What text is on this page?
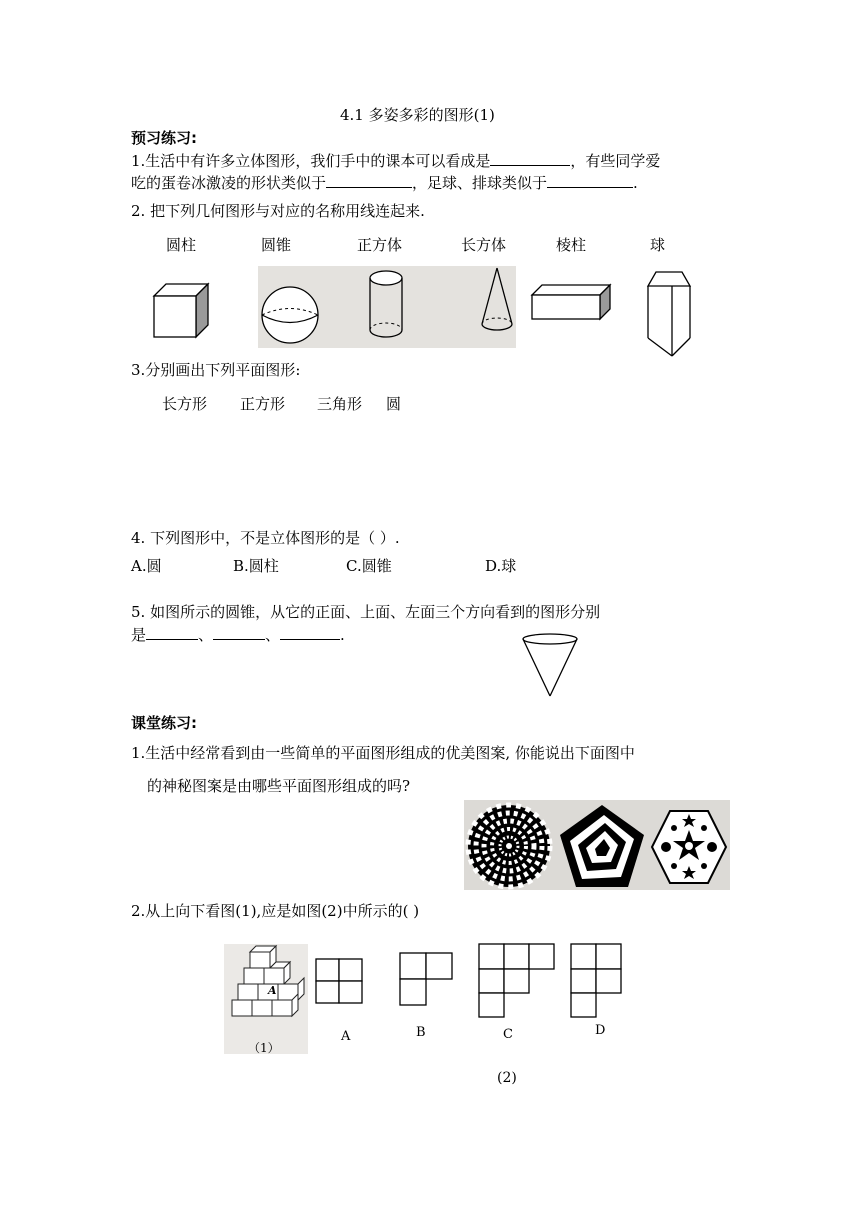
4.1 多姿多彩的图形(1)
预习练习:
1.生活中有许多立体图形，我们手中的课本可以看成是	，有些同学爱
吃的蛋卷冰激凌的形状类似于	，足球、排球类似于	.
2. 把下列几何图形与对应的名称用线连起来.
圆柱	圆锥	正方体	长方体	棱柱	球
3.分别画出下列平面图形:
长方形 正方形 三角形 圆
4. 下列图形中，不是立体图形的是（ ）.
A.圆	B.圆柱	C.圆锥	D.球
5. 如图所示的圆锥，从它的正面、上面、左面三个方向看到的图形分别
是	、	、	.
课堂练习:
1.生活中经常看到由一些简单的平面图形组成的优美图案, 你能说出下面图中
的神秘图案是由哪些平面图形组成的吗?
2.从上向下看图(1),应是如图(2)中所示的( )
A
（1）
A	B	C	D
(2)
